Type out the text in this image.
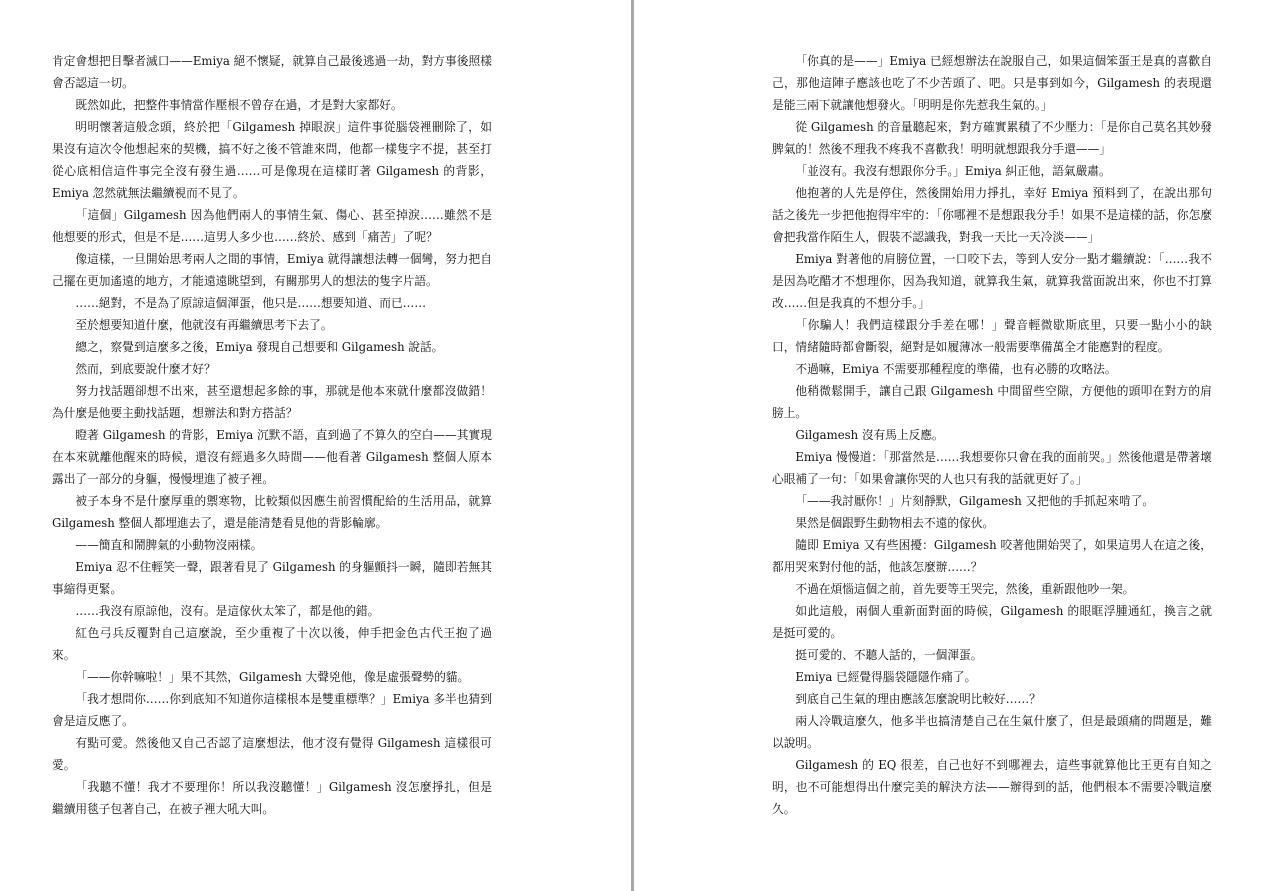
肯定會想把目擊者滅口——Emiya 絕不懷疑，就算自己最後逃過一劫，對方事後照樣會否認這一切。

既然如此，把整件事情當作壓根不曾存在過，才是對大家都好。

明明懷著這般念頭，終於把「Gilgamesh 掉眼淚」這件事從腦袋裡刪除了，如果沒有這次令他想起來的契機，搞不好之後不管誰來問，他都一樣隻字不提，甚至打從心底相信這件事完全沒有發生過……可是像現在這樣盯著 Gilgamesh 的背影，Emiya 忽然就無法繼續視而不見了。

「這個」Gilgamesh 因為他們兩人的事情生氣、傷心、甚至掉淚……雖然不是他想要的形式，但是不是……這男人多少也……終於、感到「痛苦」了呢？

像這樣，一旦開始思考兩人之間的事情，Emiya 就得讓想法轉一個彎，努力把自己擺在更加遙遠的地方，才能遠遠眺望到，有關那男人的想法的隻字片語。

……絕對，不是為了原諒這個渾蛋，他只是……想要知道、而已……

至於想要知道什麼，他就沒有再繼續思考下去了。

總之，察覺到這麼多之後，Emiya 發現自己想要和 Gilgamesh 說話。

然而，到底要說什麼才好？

努力找話題卻想不出來，甚至還想起多餘的事，那就是他本來就什麼都沒做錯！為什麼是他要主動找話題，想辦法和對方搭話？

瞪著 Gilgamesh 的背影，Emiya 沉默不語，直到過了不算久的空白——其實現在本來就離他醒來的時候，還沒有經過多久時間——他看著 Gilgamesh 整個人原本露出了一部分的身軀，慢慢埋進了被子裡。

被子本身不是什麼厚重的禦寒物，比較類似因應生前習慣配給的生活用品，就算 Gilgamesh 整個人都埋進去了，還是能清楚看見他的背影輪廓。

——簡直和鬧脾氣的小動物沒兩樣。

Emiya 忍不住輕笑一聲，跟著看見了 Gilgamesh 的身軀顫抖一瞬，隨即若無其事縮得更緊。

……我沒有原諒他，沒有。是這傢伙太笨了，都是他的錯。

紅色弓兵反覆對自己這麼說，至少重複了十次以後，伸手把金色古代王抱了過來。

「——你幹嘛啦！」果不其然，Gilgamesh 大聲兇他，像是虛張聲勢的貓。

「我才想問你……你到底知不知道你這樣根本是雙重標準？」Emiya 多半也猜到會是這反應了。

有點可愛。然後他又自己否認了這麼想法，他才沒有覺得 Gilgamesh 這樣很可愛。

「我聽不懂！我才不要理你！所以我沒聽懂！」Gilgamesh 沒怎麼掙扎，但是繼續用毯子包著自己，在被子裡大吼大叫。

「你真的是——」Emiya 已經想辦法在說服自己，如果這個笨蛋王是真的喜歡自己，那他這陣子應該也吃了不少苦頭了、吧。只是事到如今，Gilgamesh 的表現還是能三兩下就讓他想發火。「明明是你先惹我生氣的。」

從 Gilgamesh 的音量聽起來，對方確實累積了不少壓力：「是你自己莫名其妙發脾氣的！然後不理我不疼我不喜歡我！明明就想跟我分手還——」

「並沒有。我沒有想跟你分手。」Emiya 糾正他，語氣嚴肅。

他抱著的人先是停住，然後開始用力掙扎，幸好 Emiya 預料到了，在說出那句話之後先一步把他抱得牢牢的：「你哪裡不是想跟我分手！如果不是這樣的話，你怎麼會把我當作陌生人，假裝不認識我，對我一天比一天冷淡——」

Emiya 對著他的肩膀位置，一口咬下去，等到人安分一點才繼續說：「……我不是因為吃醋才不想理你，因為我知道，就算我生氣，就算我當面說出來，你也不打算改……但是我真的不想分手。」

「你騙人！我們這樣跟分手差在哪！」聲音輕微歇斯底里，只要一點小小的缺口，情緒隨時都會斷裂，絕對是如履薄冰一般需要準備萬全才能應對的程度。

不過嘛，Emiya 不需要那種程度的準備，也有必勝的攻略法。

他稍微鬆開手，讓自己跟 Gilgamesh 中間留些空隙，方便他的頭叩在對方的肩膀上。

Gilgamesh 沒有馬上反應。

Emiya 慢慢道：「那當然是……我想要你只會在我的面前哭。」然後他還是帶著壞心眼補了一句：「如果會讓你哭的人也只有我的話就更好了。」

「——我討厭你！」片刻靜默，Gilgamesh 又把他的手抓起來啃了。

果然是個跟野生動物相去不遠的傢伙。

隨即 Emiya 又有些困擾：Gilgamesh 咬著他開始哭了，如果這男人在這之後，都用哭來對付他的話，他該怎麼辦……？

不過在煩惱這個之前，首先要等王哭完，然後，重新跟他吵一架。

如此這般，兩個人重新面對面的時候，Gilgamesh 的眼眶浮腫通紅，換言之就是挺可愛的。

挺可愛的、不聽人話的，一個渾蛋。

Emiya 已經覺得腦袋隱隱作痛了。

到底自己生氣的理由應該怎麼說明比較好……？

兩人冷戰這麼久，他多半也搞清楚自己在生氣什麼了，但是最頭痛的問題是，難以說明。

Gilgamesh 的 EQ 很差，自己也好不到哪裡去，這些事就算他比王更有自知之明，也不可能想得出什麼完美的解決方法——辦得到的話，他們根本不需要冷戰這麼久。
